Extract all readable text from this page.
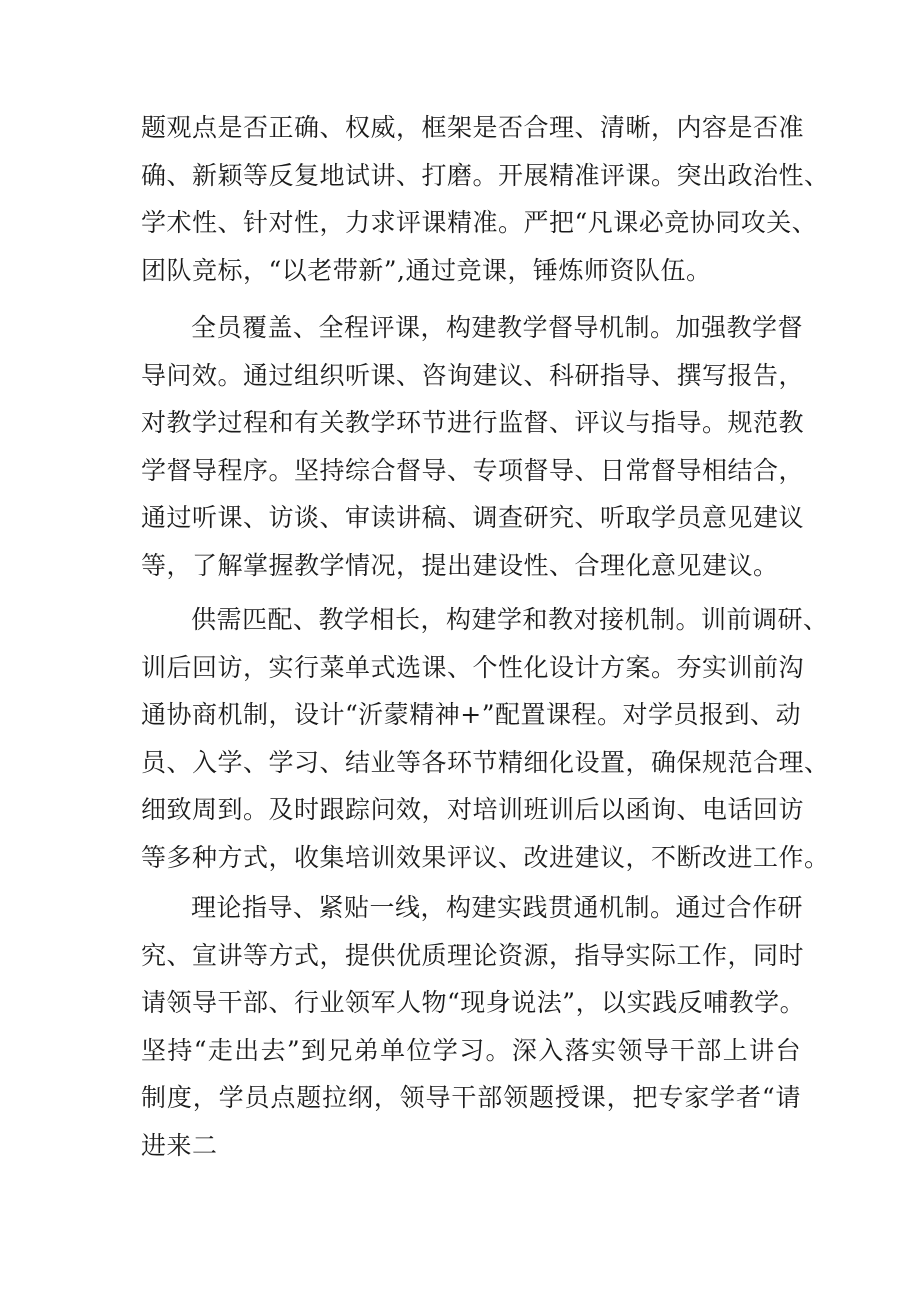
题观点是否正确、权威，框架是否合理、清晰，内容是否准
确、新颖等反复地试讲、打磨。开展精准评课。突出政治性、
学术性、针对性，力求评课精准。严把“凡课必竞协同攻关、
团队竞标，“以老带新”,通过竞课，锤炼师资队伍。
全员覆盖、全程评课，构建教学督导机制。加强教学督
导问效。通过组织听课、咨询建议、科研指导、撰写报告，
对教学过程和有关教学环节进行监督、评议与指导。规范教
学督导程序。坚持综合督导、专项督导、日常督导相结合，
通过听课、访谈、审读讲稿、调查研究、听取学员意见建议
等，了解掌握教学情况，提出建设性、合理化意见建议。
供需匹配、教学相长，构建学和教对接机制。训前调研、
训后回访，实行菜单式选课、个性化设计方案。夯实训前沟
通协商机制，设计“沂蒙精神+”配置课程。对学员报到、动
员、入学、学习、结业等各环节精细化设置，确保规范合理、
细致周到。及时跟踪问效，对培训班训后以函询、电话回访
等多种方式，收集培训效果评议、改进建议，不断改进工作。
理论指导、紧贴一线，构建实践贯通机制。通过合作研
究、宣讲等方式，提供优质理论资源，指导实际工作，同时
请领导干部、行业领军人物“现身说法”，以实践反哺教学。
坚持“走出去”到兄弟单位学习。深入落实领导干部上讲台
制度，学员点题拉纲，领导干部领题授课，把专家学者“请
进来二
